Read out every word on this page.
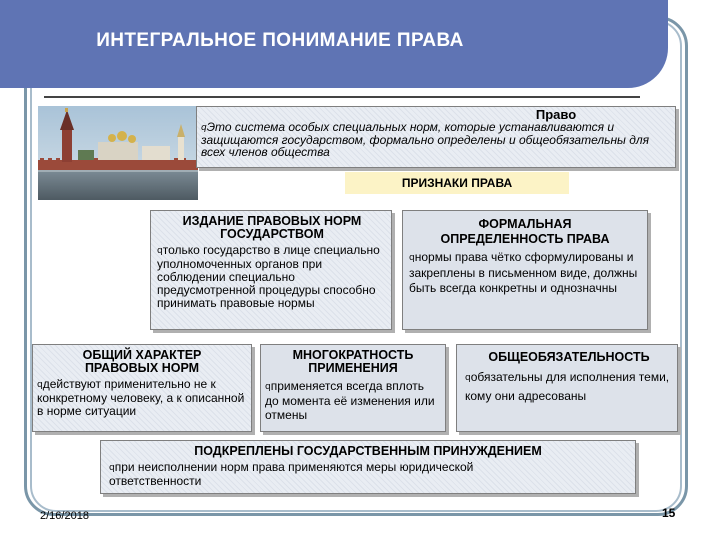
ИНТЕГРАЛЬНОЕ ПОНИМАНИЕ ПРАВА
Право
qЭто система особых специальных норм, которые устанавливаются и защищаются государством, формально определены и общеобязательны для всех членов общества
ПРИЗНАКИ ПРАВА
ИЗДАНИЕ ПРАВОВЫХ НОРМ ГОСУДАРСТВОМ
qтолько государство в лице специально уполномоченных органов при соблюдении специально предусмотренной процедуры способно принимать правовые нормы
ФОРМАЛЬНАЯ ОПРЕДЕЛЕННОСТЬ ПРАВА
qнормы права чётко сформулированы и закреплены в письменном виде, должны быть всегда конкретны и однозначны
ОБЩИЙ ХАРАКТЕР ПРАВОВЫХ НОРМ
qдействуют применительно не к конкретному человеку, а к описанной в норме ситуации
МНОГОКРАТНОСТЬ ПРИМЕНЕНИЯ
qприменяется всегда вплоть до момента её изменения или отмены
ОБЩЕОБЯЗАТЕЛЬНОСТЬ
qобязательны для исполнения теми, кому они адресованы
ПОДКРЕПЛЕНЫ ГОСУДАРСТВЕННЫМ ПРИНУЖДЕНИЕМ
qпри неисполнении норм права применяются меры юридической ответственности
2/16/2018	15
